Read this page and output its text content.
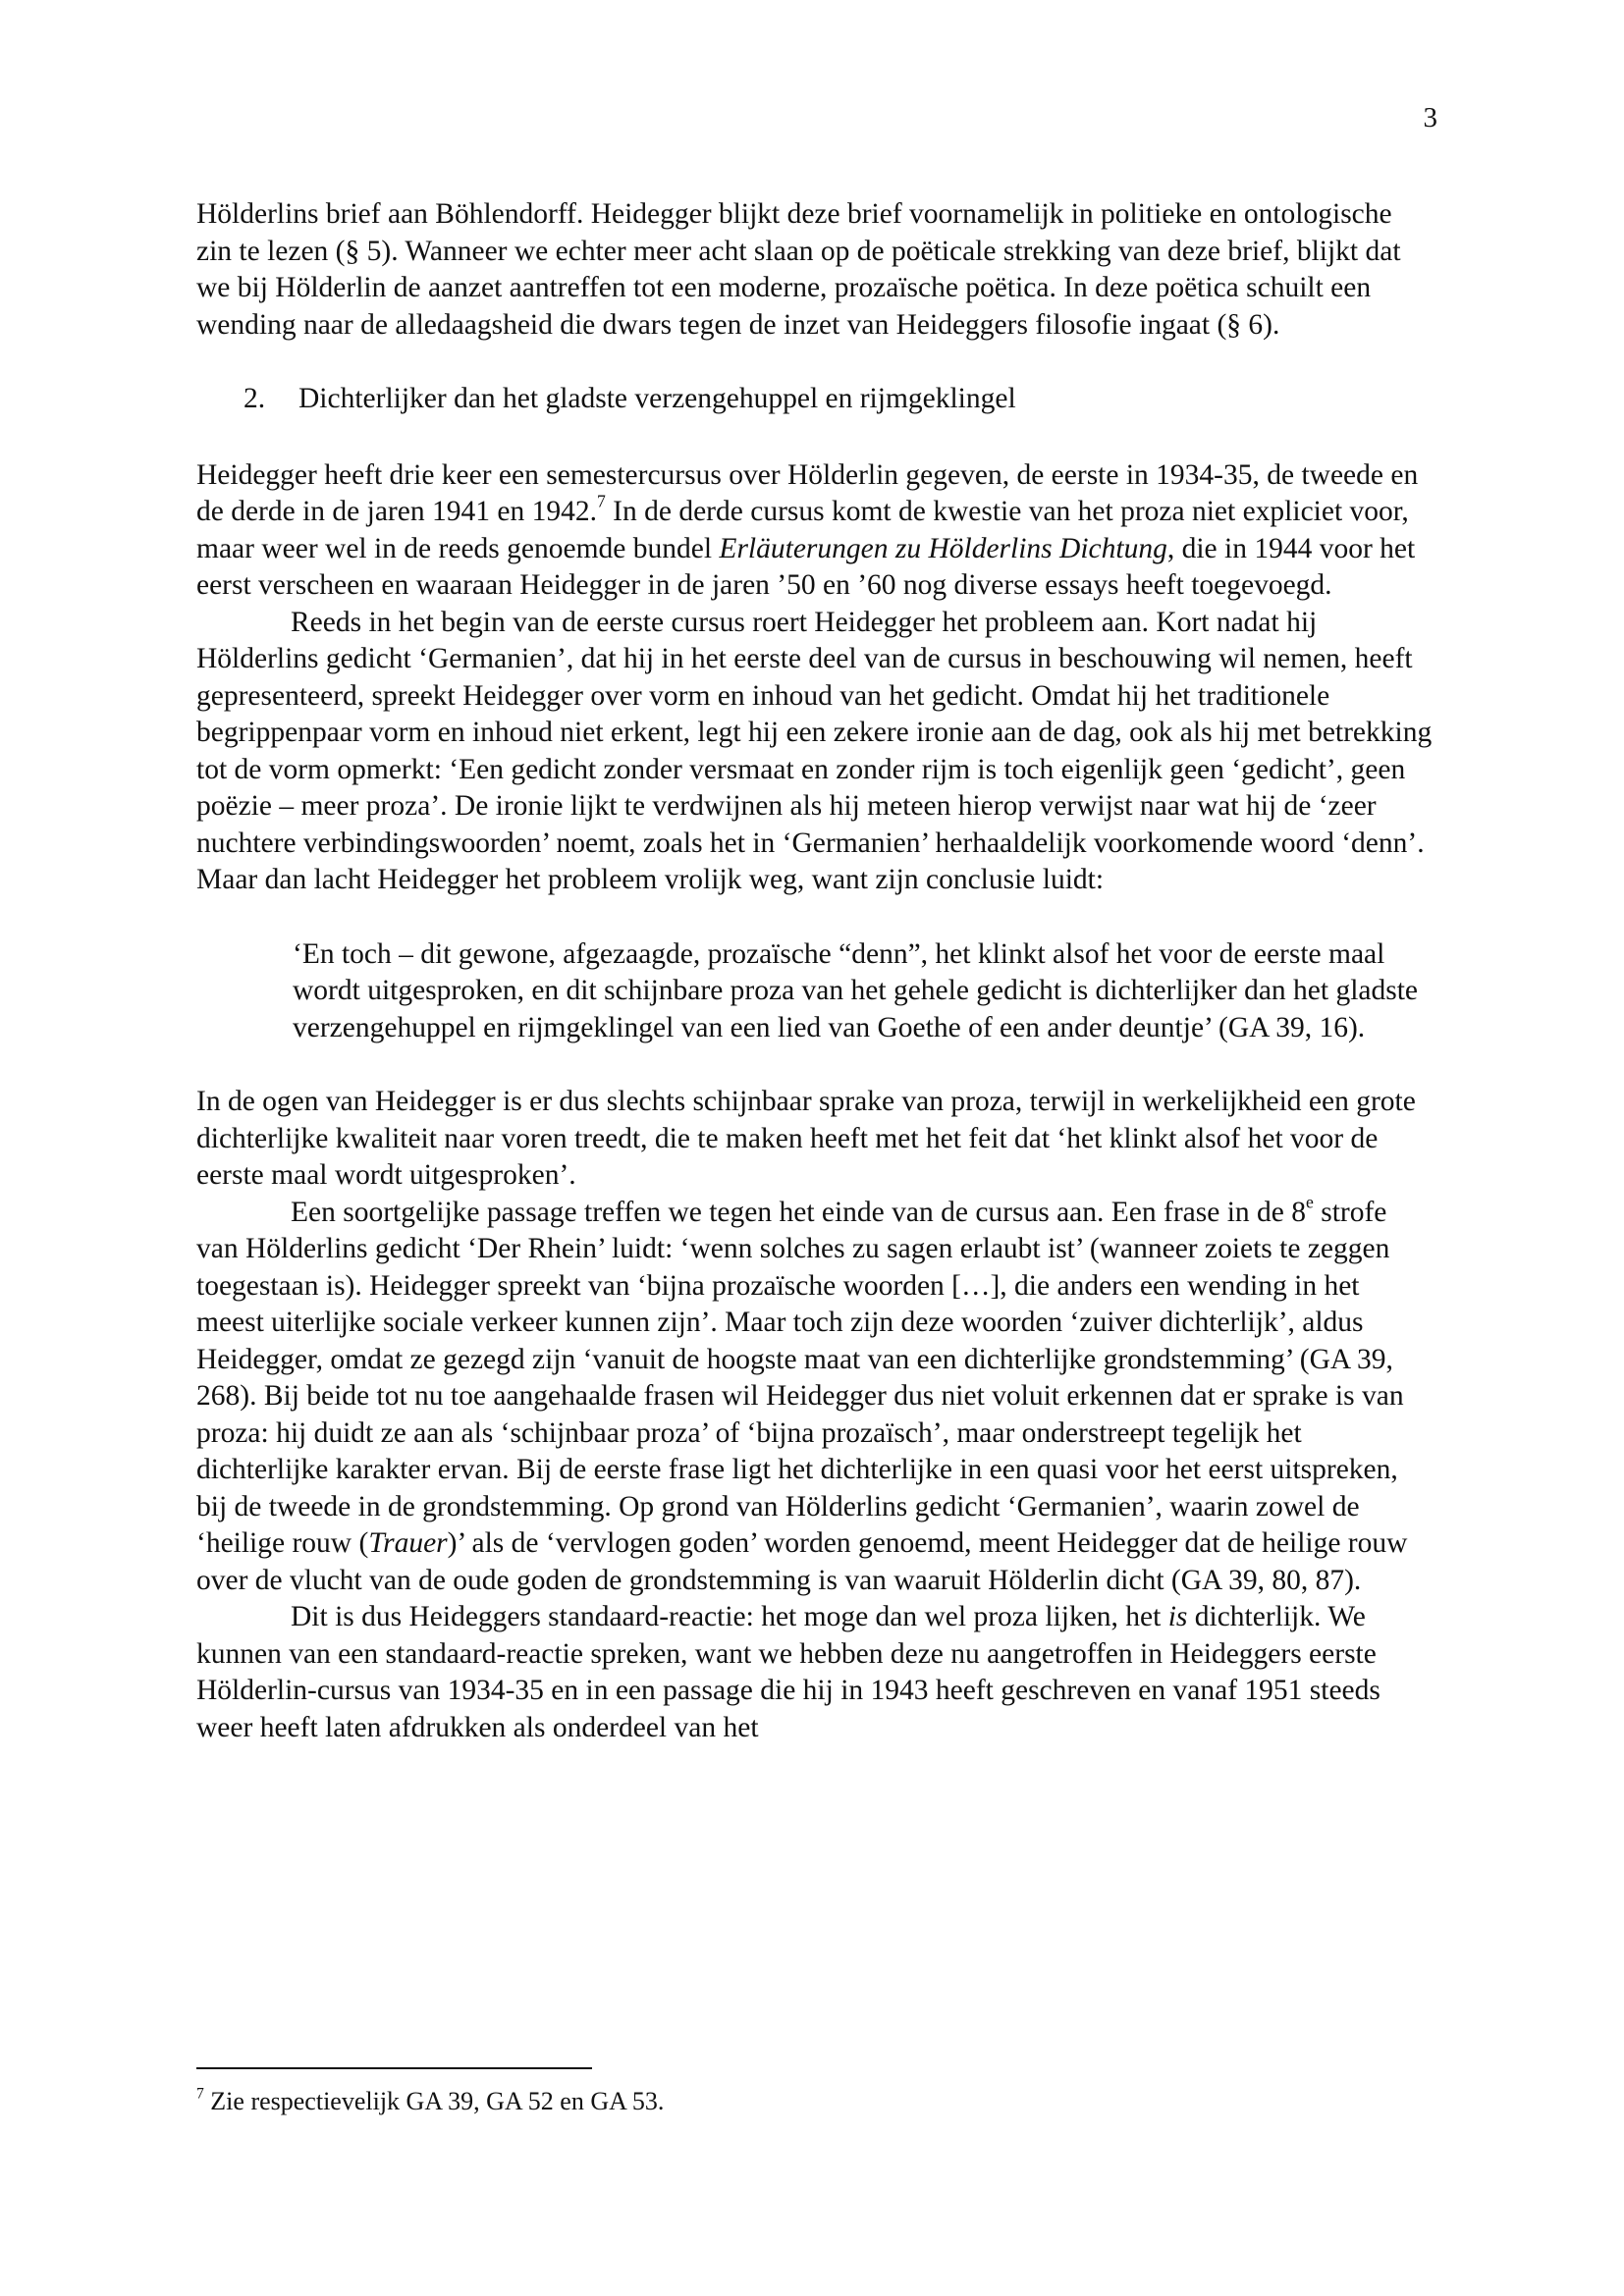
3

Hölderlins brief aan Böhlendorff. Heidegger blijkt deze brief voornamelijk in politieke en ontologische zin te lezen (§ 5). Wanneer we echter meer acht slaan op de poëticale strekking van deze brief, blijkt dat we bij Hölderlin de aanzet aantreffen tot een moderne, prozaïsche poëtica. In deze poëtica schuilt een wending naar de alledaagsheid die dwars tegen de inzet van Heideggers filosofie ingaat (§ 6).

2. Dichterlijker dan het gladste verzengehuppel en rijmgeklingel

Heidegger heeft drie keer een semestercursus over Hölderlin gegeven, de eerste in 1934-35, de tweede en de derde in de jaren 1941 en 1942.$^7$ In de derde cursus komt de kwestie van het proza niet expliciet voor, maar weer wel in de reeds genoemde bundel Erläuterungen zu Hölderlins Dichtung, die in 1944 voor het eerst verscheen en waaraan Heidegger in de jaren ’50 en ’60 nog diverse essays heeft toegevoegd.

Reeds in het begin van de eerste cursus roert Heidegger het probleem aan. Kort nadat hij Hölderlins gedicht ‘Germanien’, dat hij in het eerste deel van de cursus in beschouwing wil nemen, heeft gepresenteerd, spreekt Heidegger over vorm en inhoud van het gedicht. Omdat hij het traditionele begrippenpaar vorm en inhoud niet erkent, legt hij een zekere ironie aan de dag, ook als hij met betrekking tot de vorm opmerkt: ‘Een gedicht zonder versmaat en zonder rijm is toch eigenlijk geen ‘gedicht’, geen poëzie – meer proza’. De ironie lijkt te verdwijnen als hij meteen hierop verwijst naar wat hij de ‘zeer nuchtere verbindingswoorden’ noemt, zoals het in ‘Germanien’ herhaaldelijk voorkomende woord ‘denn’. Maar dan lacht Heidegger het probleem vrolijk weg, want zijn conclusie luidt:

‘En toch – dit gewone, afgezaagde, prozaïsche “denn”, het klinkt alsof het voor de eerste maal wordt uitgesproken, en dit schijnbare proza van het gehele gedicht is dichterlijker dan het gladste verzengehuppel en rijmgeklingel van een lied van Goethe of een ander deuntje’ (GA 39, 16).

In de ogen van Heidegger is er dus slechts schijnbaar sprake van proza, terwijl in werkelijkheid een grote dichterlijke kwaliteit naar voren treedt, die te maken heeft met het feit dat ‘het klinkt alsof het voor de eerste maal wordt uitgesproken’.

Een soortgelijke passage treffen we tegen het einde van de cursus aan. Een frase in de 8e strofe van Hölderlins gedicht ‘Der Rhein’ luidt: ‘wenn solches zu sagen erlaubt ist’ (wanneer zoiets te zeggen toegestaan is). Heidegger spreekt van ‘bijna prozaïsche woorden […], die anders een wending in het meest uiterlijke sociale verkeer kunnen zijn’. Maar toch zijn deze woorden ‘zuiver dichterlijk’, aldus Heidegger, omdat ze gezegd zijn ‘vanuit de hoogste maat van een dichterlijke grondstemming’ (GA 39, 268). Bij beide tot nu toe aangehaalde frasen wil Heidegger dus niet voluit erkennen dat er sprake is van proza: hij duidt ze aan als ‘schijnbaar proza’ of ‘bijna prozaïsch’, maar onderstreept tegelijk het dichterlijke karakter ervan. Bij de eerste frase ligt het dichterlijke in een quasi voor het eerst uitspreken, bij de tweede in de grondstemming. Op grond van Hölderlins gedicht ‘Germanien’, waarin zowel de ‘heilige rouw (Trauer)’ als de ‘vervlogen goden’ worden genoemd, meent Heidegger dat de heilige rouw over de vlucht van de oude goden de grondstemming is van waaruit Hölderlin dicht (GA 39, 80, 87).

Dit is dus Heideggers standaard-reactie: het moge dan wel proza lijken, het is dichterlijk. We kunnen van een standaard-reactie spreken, want we hebben deze nu aangetroffen in Heideggers eerste Hölderlin-cursus van 1934-35 en in een passage die hij in 1943 heeft geschreven en vanaf 1951 steeds weer heeft laten afdrukken als onderdeel van het

$^7$ Zie respectievelijk GA 39, GA 52 en GA 53.
